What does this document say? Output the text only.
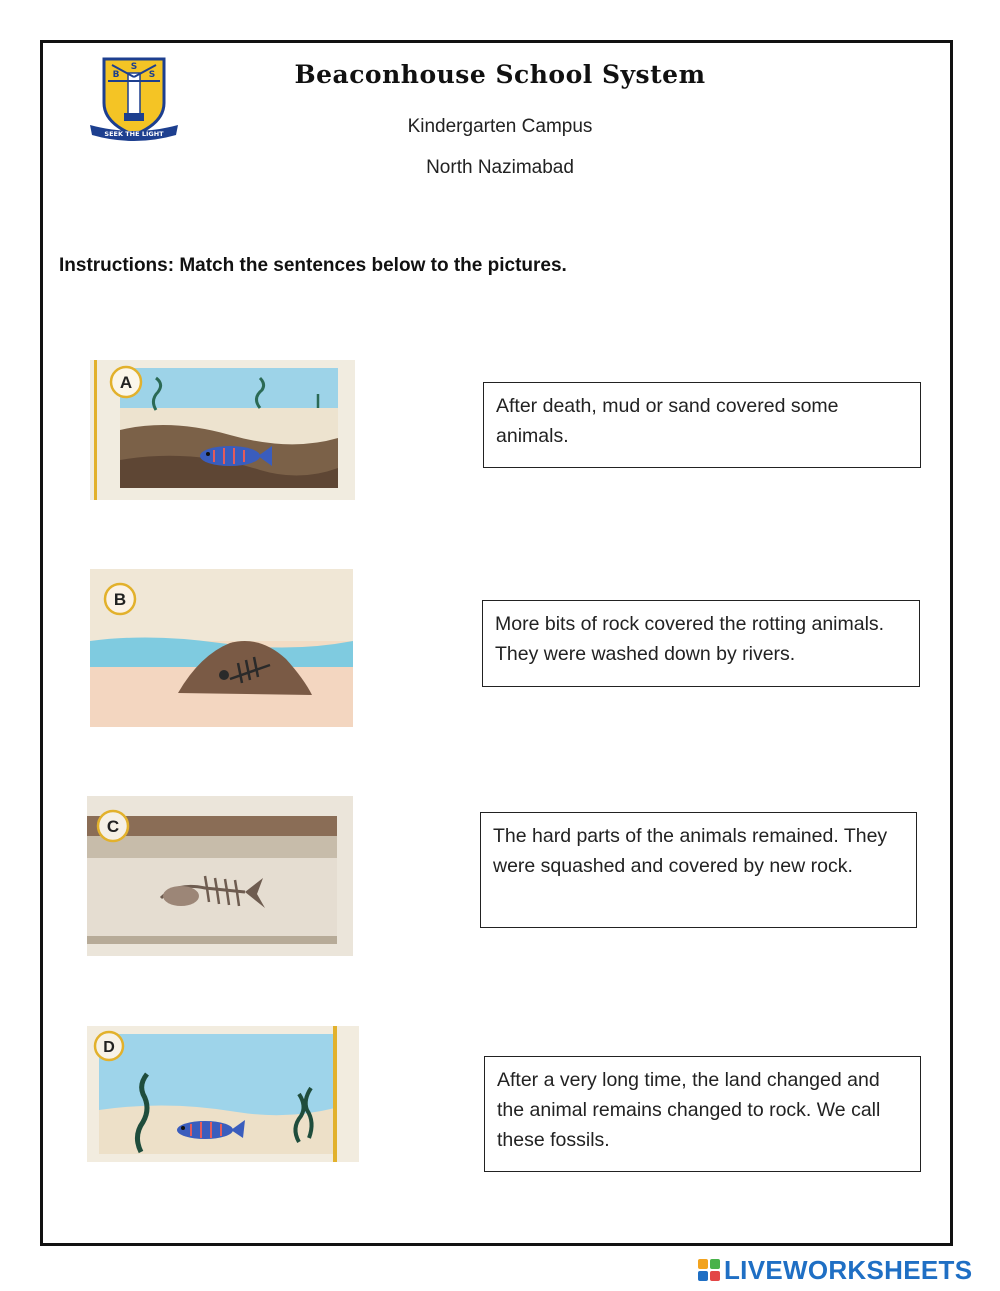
S
B	S
SEEK THE LIGHT
Beaconhouse School System
Kindergarten Campus
North Nazimabad
Instructions: Match the sentences below to the pictures.
A
B
C
D
After death, mud or sand covered some animals.
More bits of rock covered the rotting animals. They were washed down by rivers.
The hard parts of the animals remained. They were squashed and covered by new rock.
After a very long time, the land changed and the animal remains changed to rock. We call these fossils.
LIVEWORKSHEETS
